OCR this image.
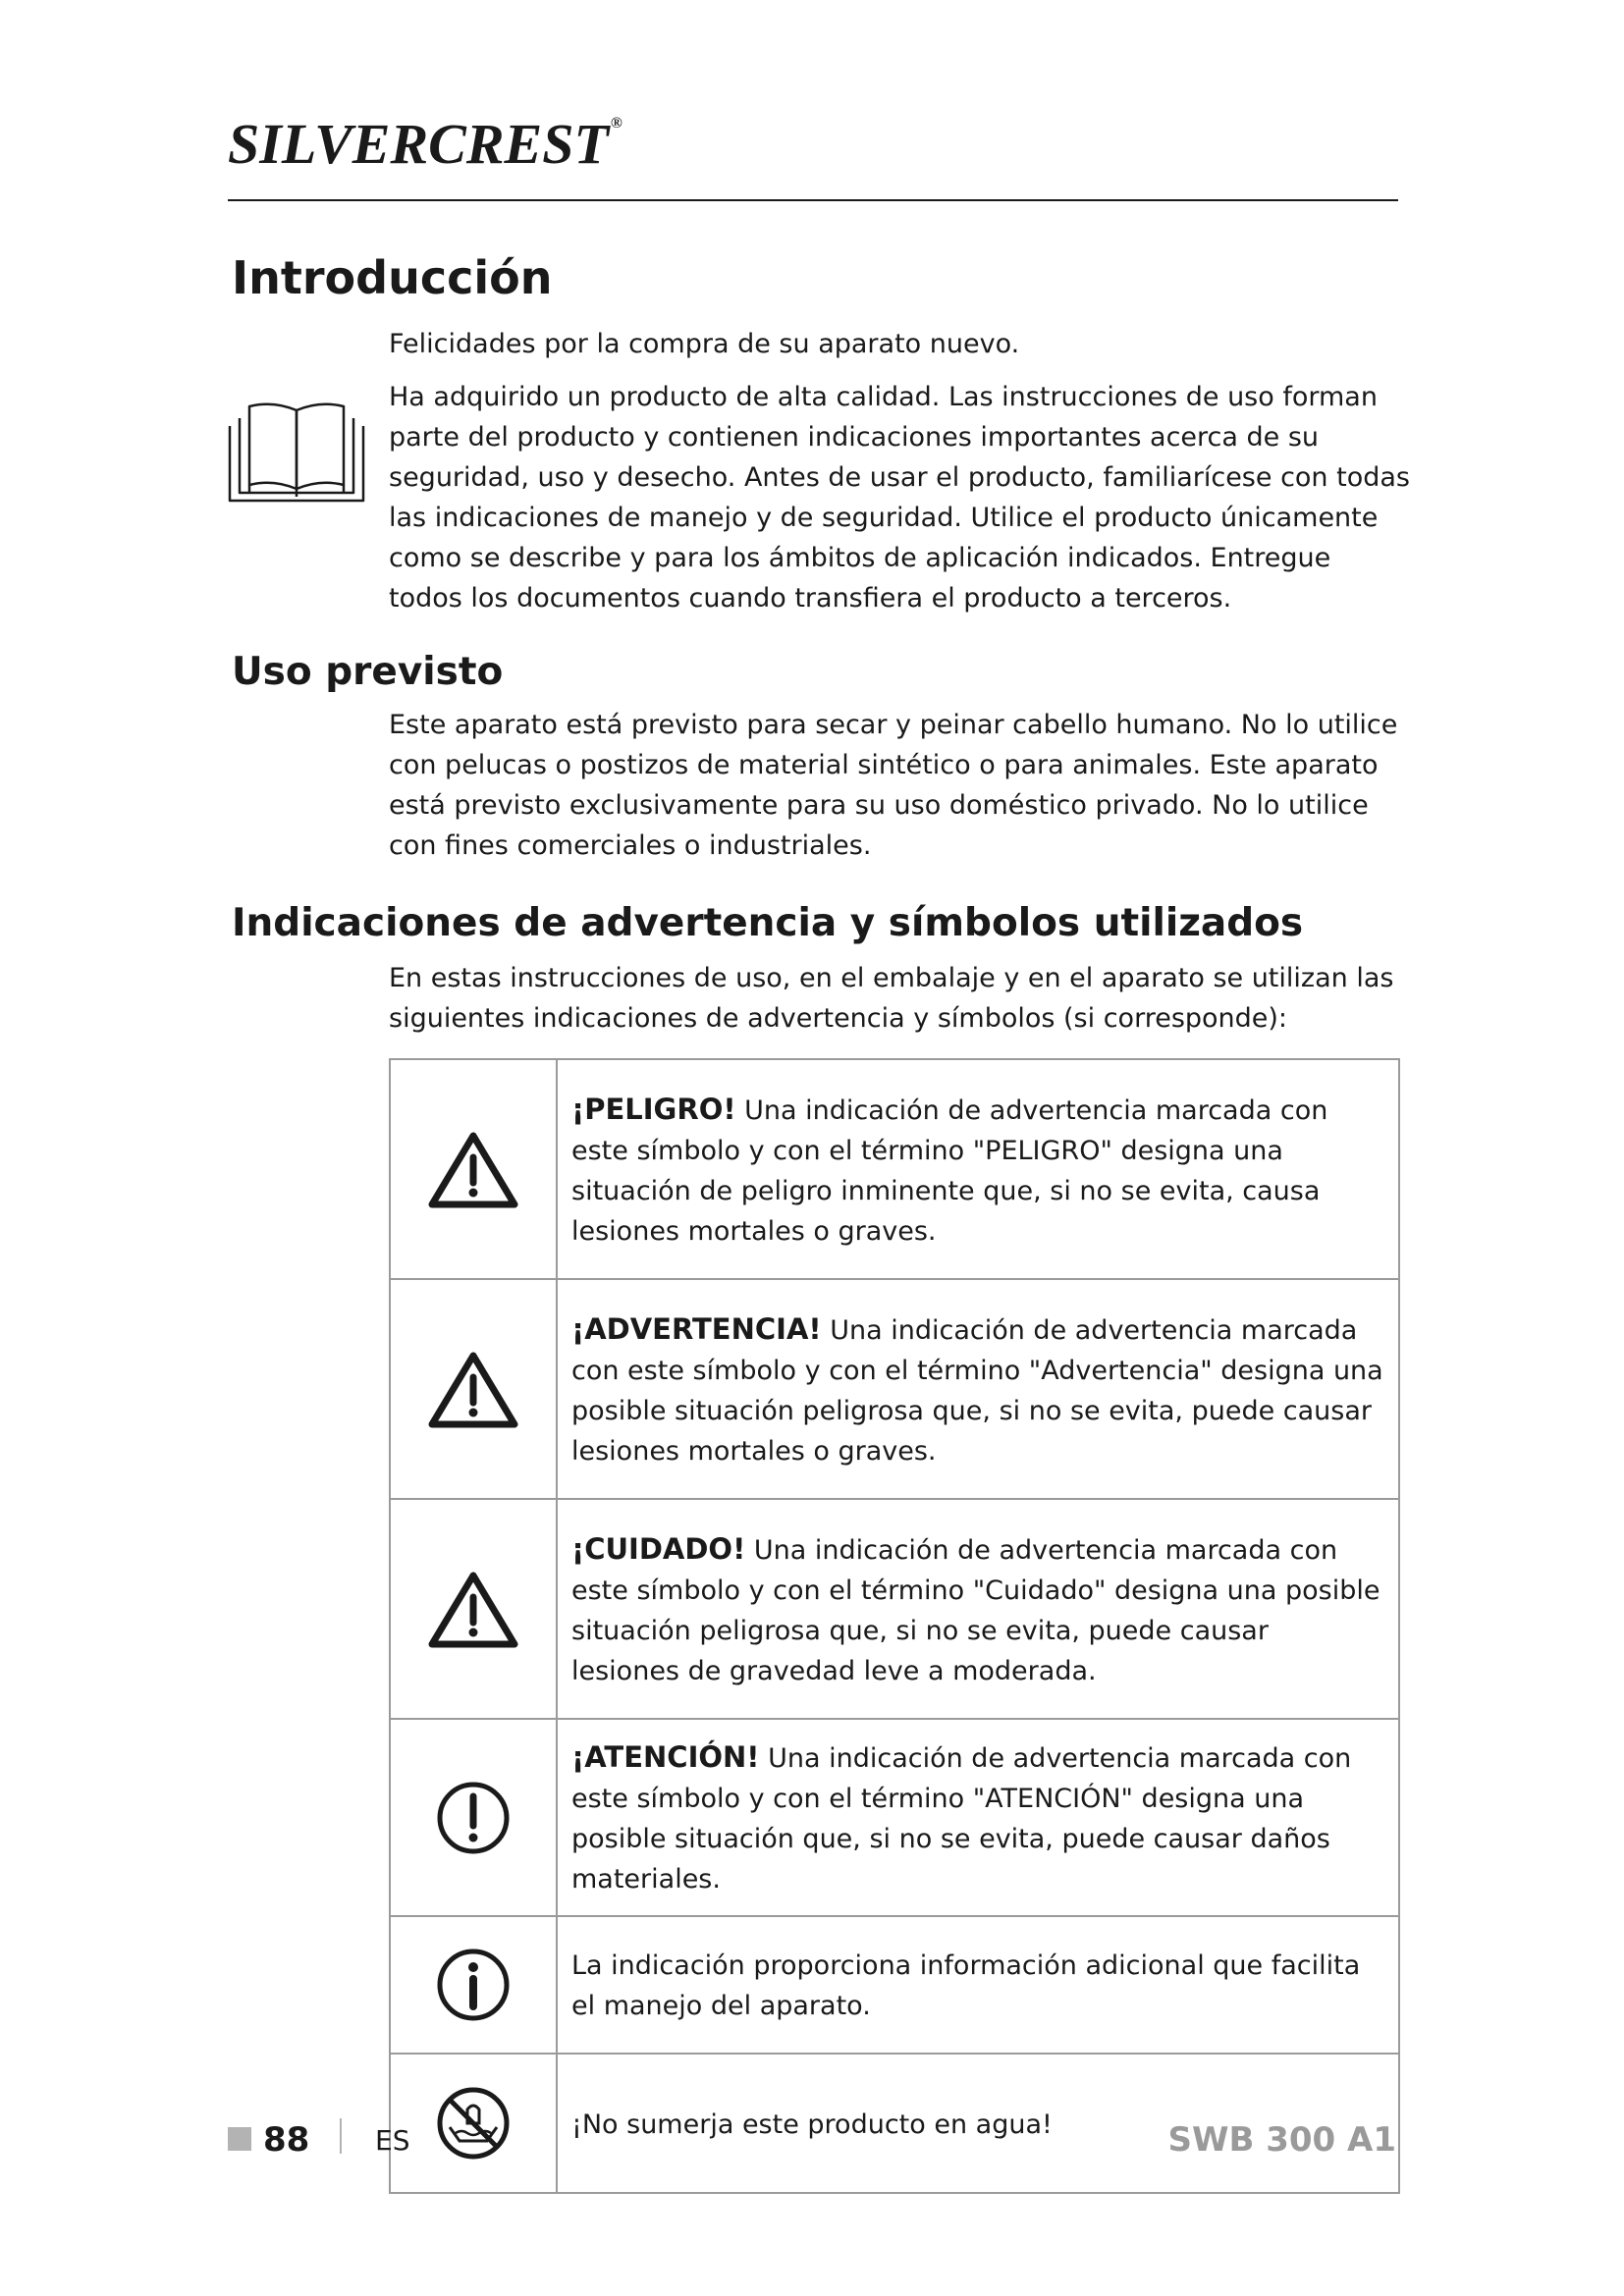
SILVERCREST ®
Introducción

Felicidades por la compra de su aparato nuevo.

Ha adquirido un producto de alta calidad. Las instrucciones de uso forman parte del producto y contienen indicaciones importantes acerca de su seguridad, uso y desecho. Antes de usar el producto, familiarícese con todas las indicaciones de manejo y de seguridad. Utilice el producto únicamente como se describe y para los ámbitos de aplicación indicados. Entregue todos los documentos cuando transfiera el producto a terceros.

Uso previsto

Este aparato está previsto para secar y peinar cabello humano. No lo utilice con pelucas o postizos de material sintético o para animales. Este aparato está previsto exclusivamente para su uso doméstico privado. No lo utilice con fines comerciales o industriales.

Indicaciones de advertencia y símbolos utilizados

En estas instrucciones de uso, en el embalaje y en el aparato se utilizan las siguientes indicaciones de advertencia y símbolos (si corresponde):

	¡PELIGRO! Una indicación de advertencia marcada con este símbolo y con el término "PELIGRO" designa una situación de peligro inminente que, si no se evita, causa lesiones mortales o graves.
	¡ADVERTENCIA! Una indicación de advertencia marcada con este símbolo y con el término "Advertencia" designa una posible situación peligrosa que, si no se evita, puede causar lesiones mortales o graves.
	¡CUIDADO! Una indicación de advertencia marcada con este símbolo y con el término "Cuidado" designa una posible situación peligrosa que, si no se evita, puede causar lesiones de gravedad leve a moderada.
	¡ATENCIÓN! Una indicación de advertencia marcada con este símbolo y con el término "ATENCIÓN" designa una posible situación que, si no se evita, puede causar daños materiales.
	La indicación proporciona información adicional que facilita el manejo del aparato.
	¡No sumerja este producto en agua!
88 ES	SWB 300 A1
